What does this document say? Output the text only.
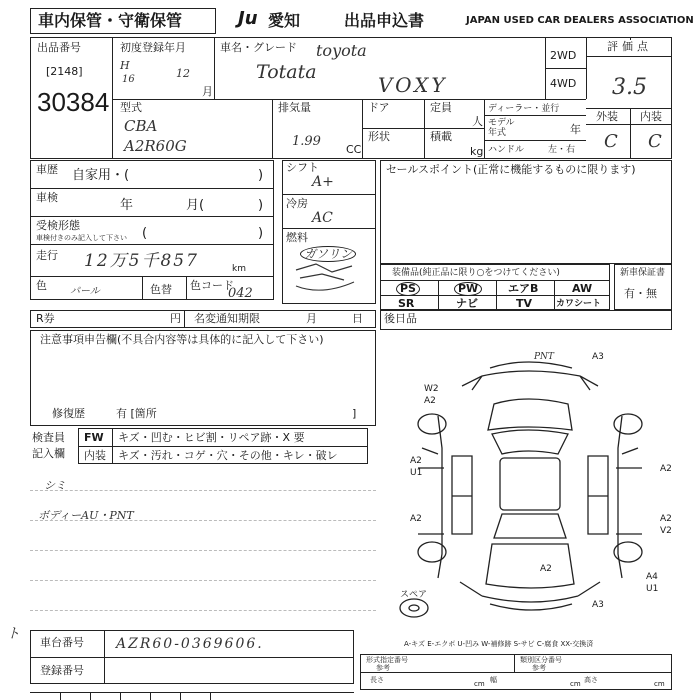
車内保管・守衛保管	Ju 愛知	出品申込書	JAPAN USED CAR DEALERS ASSOCIATION
出品番号
[2148]
30384
初度登録年月
H
16	12
月
車名・グレード toyota
Totata
VOXY
2WD
4WD
評価点
3.5
外装 内装
C C
型式
CBA
A2R60G
排気量
1.99
CC
ドア	定員
人
形状	積載
kg
ディーラー・並行
モデル
年式	年
ハンドル	左・右
車歴 自家用・(	)
車検
年	月(	)
受検形態
車検付きのみ記入して下さい (	)
走行 12万5千857	km
色 パール	色替 色コード
042
シフト
A+
冷房
AC
燃料
ガソリン
セールスポイント(正常に機能するものに限ります)
装備品(純正品に限り○をつけてください)
PS	PW	エアB	AW
SR	ナビ	TV	カワシート
新車保証書
有・無
R券	円 名変通知期限	月	日 後日品
注意事項申告欄(不具合内容等は具体的に記入して下さい)
修復歴	有 [箇所	]
検査員
記入欄
FW キズ・凹む・ヒビ割・リペア跡・X 要
内装 キズ・汚れ・コゲ・穴・その他・キレ・破レ
シミ
ボディーAU・PNT
PNT	A3
W2
A2
A2
U1
A2
A2
A2
V2
A2
A4
U1
A3
スペア
A-キズ E-エクボ U-凹み W-補修跡 S-サビ C-腐食 XX-交換済
車台番号 AZR60-0369606.
登録番号
ト
形式指定番号
参考
類別区分番号
参考
長さ	cm 幅	cm 高さ	cm
